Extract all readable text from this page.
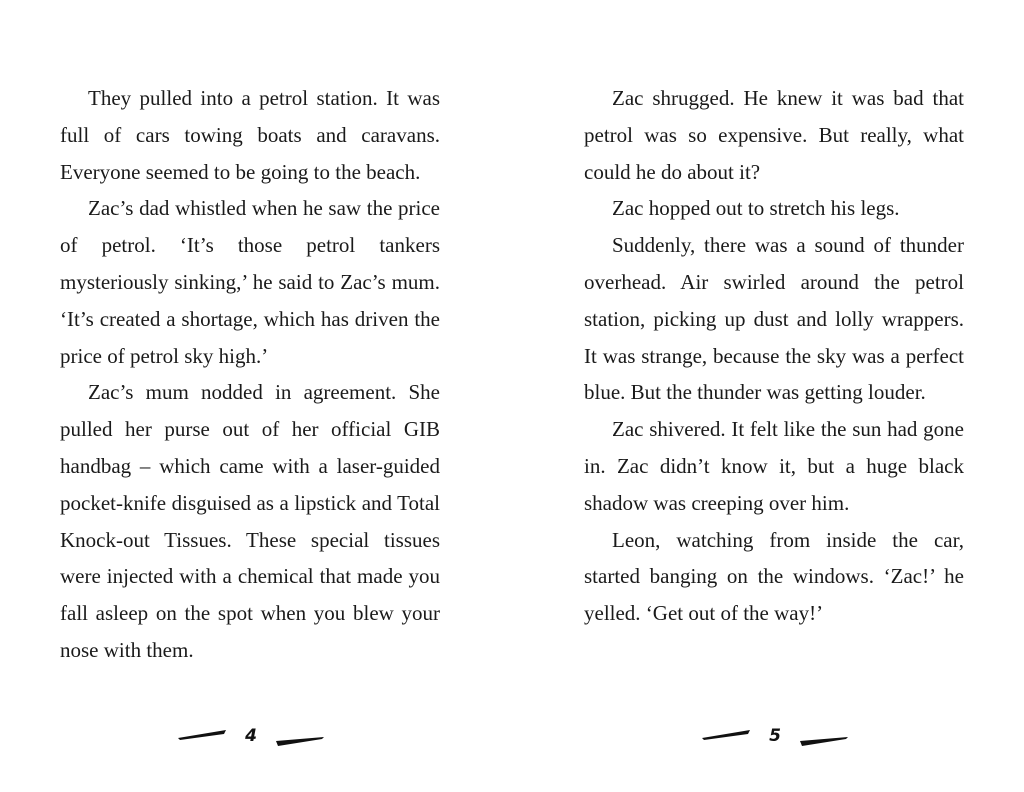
They pulled into a petrol station. It was full of cars towing boats and caravans. Everyone seemed to be going to the beach.

Zac’s dad whistled when he saw the price of petrol. ‘It’s those petrol tankers mysteriously sinking,’ he said to Zac’s mum. ‘It’s created a shortage, which has driven the price of petrol sky high.’

Zac’s mum nodded in agreement. She pulled her purse out of her official GIB handbag – which came with a laser-guided pocket-knife disguised as a lipstick and Total Knock-out Tissues. These special tissues were injected with a chemical that made you fall asleep on the spot when you blew your nose with them.

Zac shrugged. He knew it was bad that petrol was so expensive. But really, what could he do about it?

Zac hopped out to stretch his legs.

Suddenly, there was a sound of thunder overhead. Air swirled around the petrol station, picking up dust and lolly wrappers. It was strange, because the sky was a perfect blue. But the thunder was getting louder.

Zac shivered. It felt like the sun had gone in. Zac didn’t know it, but a huge black shadow was creeping over him.

Leon, watching from inside the car, started banging on the windows. ‘Zac!’ he yelled. ‘Get out of the way!’

4	5
